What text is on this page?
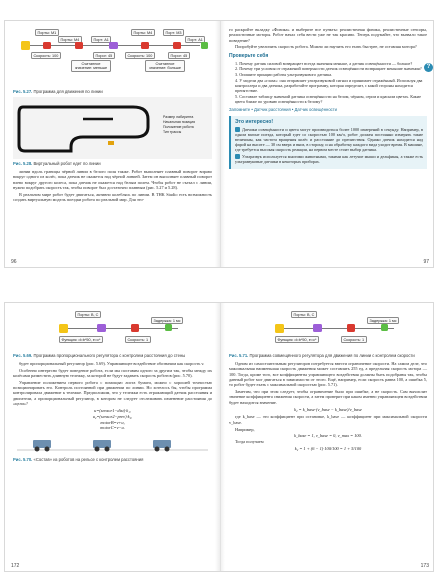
Порты: M1
Порты: M4	Порт: A1
Порты: M4	Порт: M3
Порт: A1
Скорость: 100	Порог: 45	Скорость: 100	Порог: 45
Считанное значение: меньше
Считанное значение: больше
Рис. 5.27. Программа для движения по линии
Размер лабиринта
Начальная позиция
Положение робота
Тип трассы
Рис. 5.28. Виртуальный робот едет по линии

линии вдоль границы чёрной линии в белого поля также. Робот выполняет плавный поворот вправо вокруг одного из колёс, пока датчик не окажется над чёрной линией. Затем он выполняет плавный поворот влево вокруг другого колеса, пока датчик не окажется над белым полем. Чтобы робот не съехал с линии, нужно подобрать скорость так, чтобы поворот был достаточно плавным (рис. 5.27 и 5.28).

В реальном мире робот будет двигаться, активно колеблясь по линии. В THK Studio есть возможность создать виртуальную модель поездки робота по реальной мир. Для это-

96

го раскройте вкладку «Физика» и выберите все пункты: реалистичная физика, реалистичные сенсоры, реалистичные моторы. Робот начал себя вести уже не так красиво. Теперь подумайте, что вызвало такое поведение?

Попробуйте увеличить скорость робота. Можно ли научить его ехать быстрее, не оставляя мотора?

?
Проверьте себя
1. Почему датчик силовой возвращает всегда значения меньше, а датчик освещённости — больше?
2. Почему три условия от отражений поверхности датчик освещённости возвращает меньшие значения?
3. Опишите принцип работы ультразвукового датчика.
4. У модели два «глаза»: она отправляет ультразвуковой сигнал и принимает отражённый. Используя два контроллера и два датчика, разработайте программу, которая определит, с какой стороны находится препятствие.
5. Составьте таблицу значений датчика освещённости на белом, чёрном, сером и красном цветах. Какие цвета ближе по уровню освещённости к белому?
Запомните • Датчик расстояния • Датчик освещённости
Это интересно!

Датчики освещённости и цвета могут производиться более 1000 измерений в секунду. Например, в одном вагоне поезда, который едет со скоростью 100 км/ч, робот должен постоянно измерять такие величины, как частота вращения колёс и расстояние до препятствия. Однако датчик находится над фарой на высоте — 30 см вверх и вниз, в сторону, и на обработку каждого вида уходит время. В машине, где требуется высокая скорость реакции, на первом месте стоит выбор датчика.

Ультразвук используется многими животными, такими как летучие мыши и дельфины, а также есть ультразвуковые датчики в некоторых приборах.

97
Порты: B, C
Задержка: 1 мс
Функция: d=b*50, e=c*	Скорость: 1
Рис. 5.69. Программа пропорционального регулятора с контролем расстояния до стены

будет пропорциональный регулятор (рис. 5.69). Управляющее воздействие обозначим как скорость v.

Особенно интересно будет поведение робота, если мы поставим одного за другим так, чтобы между их колёсами разместить длинную тележку, за которой не будут задавать скорость роботов (рис. 5.70).

Управление положением первого робота с помощью листа бумаги, можно с хорошей точностью позиционировать его. Контроль постоянной при движении по линии. Но хотелось бы, чтобы программа контролировала движение к тележке. Предположим, что у тележки есть отражающий датчик расстояния и двигатели, а пропорциональный регулятор, в котором не следует отслеживать изменение расстояния до «цели»?

u=(sensor1−dist)·k₁,
u₂=(sensor2−prev)·k₂,
motorB=v+u,
motorC=v−u.
Рис. 5.70. «Состав» из роботов на рельсе с контролем расстояния
172
Порты: B, C
Задержка: 1 мс
Функция: d=b*50, e=c*	Скорость: 1
Рис. 5.71. Программа совмещённого регулятора для движения по линии с контролем скорости

Одним из самостоятельным регуляторов потребуется ввести ограничение скорости. На самом деле, что максимальная наименьшая скорость движения может составлять 255 ед, а предельная скорость мотора — 100. Тогда, кроме того, все коэффициенты управляющего воздействия должны быть подобраны так, чтобы данный робот мог двигаться в зависимости от этого. Ещё, например, если скорость равна 100, а ошибка 5, то робот будет ехать с максимальной скоростью (рис. 5.71).

Заметим, что при этом следует, чтобы ограничение было при ошибке, а не скорость. Сам вычислит значение коэффициента снижения скорости, а затем проверит при каком именно управляющем воздействии будет находится значение.

k₂ = k_base·(v_base − k_base)/v_base

где k_base — это коэффициент при остановке, k_base — коэффициент при максимальной скорости v_base.

Например,

k_base = 1, v_base = 0, v_max = 100.

Тогда получаем

k₂ = 1 + (6 − 1)·100/100 = 1 + 5/100
173
